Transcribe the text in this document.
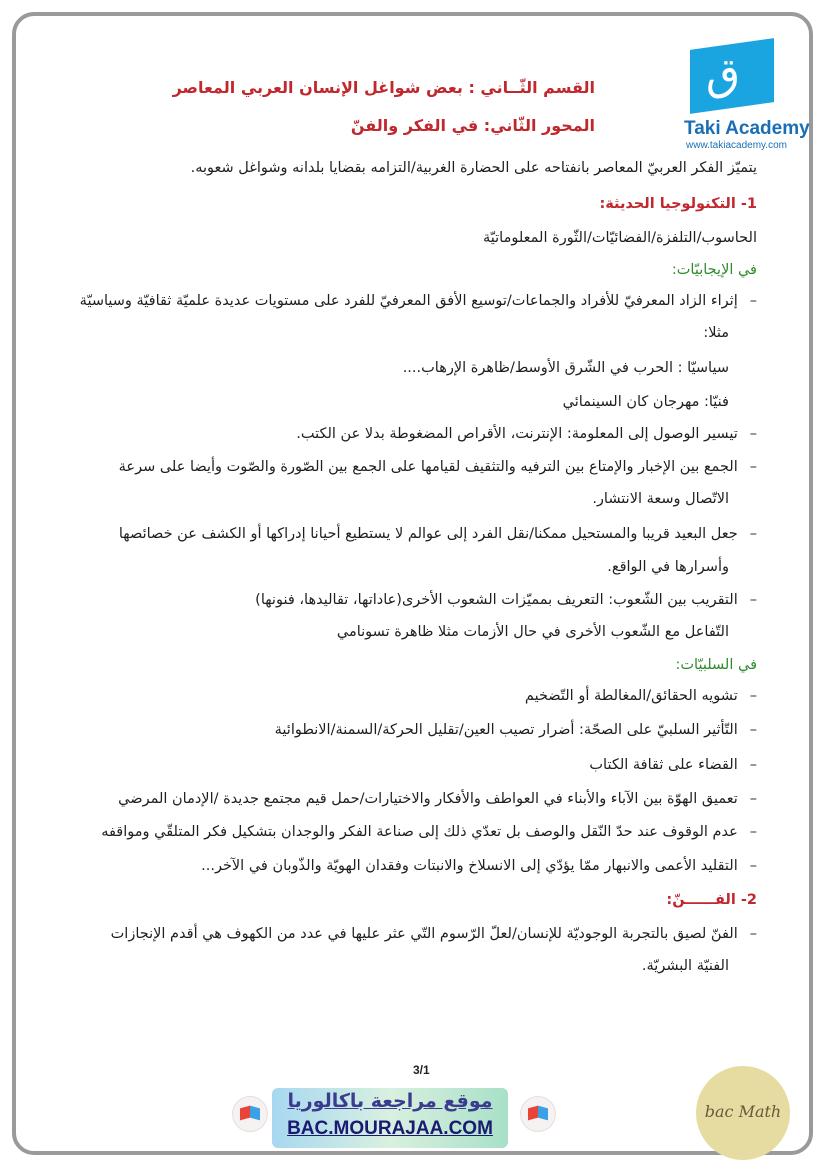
ق
Taki Academy
www.takiacademy.com
القسم الثّــاني : بعض شواغل الإنسان العربي المعاصر
المحور الثّاني: في الفكر والفنّ
يتميّز الفكر العربيّ المعاصر بانفتاحه على الحضارة الغربية/التزامه بقضايا بلدانه وشواغل شعوبه.
1- التكنولوجيا الحديثة:
الحاسوب/التلفزة/الفضائيّات/الثّورة المعلوماتيّة
في الإيجابيّات:
–إثراء الزاد المعرفيّ للأفراد والجماعات/توسيع الأفق المعرفيّ للفرد على مستويات عديدة علميّة ثقافيّة وسياسيّة
مثلا:
سياسيّا : الحرب في الشّرق الأوسط/ظاهرة الإرهاب....
فنيّا: مهرجان كان السينمائي
–تيسير الوصول إلى المعلومة: الإنترنت، الأقراص المضغوطة بدلا عن الكتب.
–الجمع بين الإخبار والإمتاع بين الترفيه والتثقيف لقيامها على الجمع بين الصّورة والصّوت وأيضا على سرعة
الاتّصال وسعة الانتشار.
–جعل البعيد قريبا والمستحيل ممكنا/نقل الفرد إلى عوالم لا يستطيع أحيانا إدراكها أو الكشف عن خصائصها
وأسرارها في الواقع.
–التقريب بين الشّعوب: التعريف بمميّزات الشعوب الأخرى(عاداتها، تقاليدها، فنونها)
التّفاعل مع الشّعوب الأخرى في حال الأزمات مثلا ظاهرة تسونامي
في السلبيّات:
–تشويه الحقائق/المغالطة أو التّضخيم
–التّأثير السلبيّ على الصحّة: أضرار تصيب العين/تقليل الحركة/السمنة/الانطوائية
–القضاء على ثقافة الكتاب
–تعميق الهوّة بين الآباء والأبناء في العواطف والأفكار والاختيارات/حمل قيم مجتمع جديدة /الإدمان المرضي
–عدم الوقوف عند حدّ النّقل والوصف بل تعدّي ذلك إلى صناعة الفكر والوجدان بتشكيل فكر المتلقّي ومواقفه
–التقليد الأعمى والانبهار ممّا يؤدّي إلى الانسلاخ والانبتات وفقدان الهويّة والذّوبان في الآخر...
2- الفــــــنّ:
–الفنّ لصيق بالتجربة الوجوديّة للإنسان/لعلّ الرّسوم التّي عثر عليها في عدد من الكهوف هي أقدم الإنجازات
الفنيّة البشريّة.
3/1
موقع مراجعة باكالوريا
BAC.MOURAJAA.COM
bac Math
